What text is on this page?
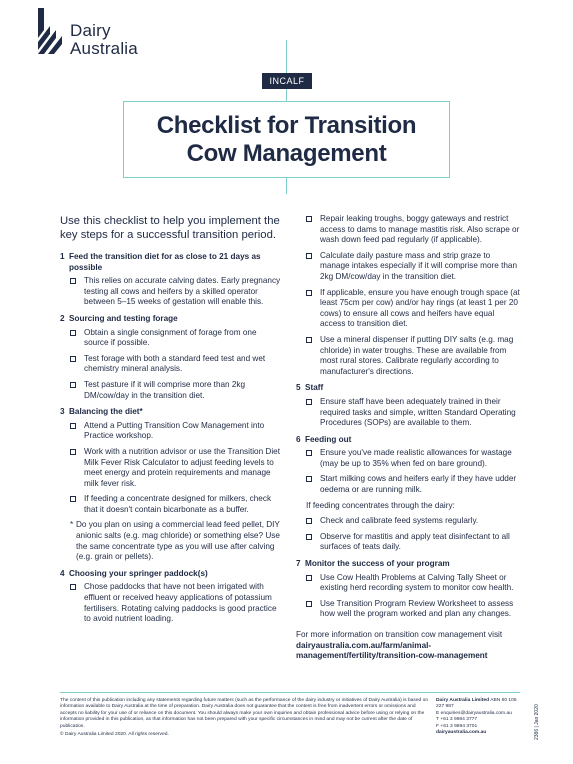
Dairy
Australia
INCALF
Checklist for Transition
Cow Management
Use this checklist to help you implement the key steps for a successful transition period.
1 Feed the transition diet for as close to 21 days as possible
This relies on accurate calving dates. Early pregnancy testing all cows and heifers by a skilled operator between 5–15 weeks of gestation will enable this.
2 Sourcing and testing forage
Obtain a single consignment of forage from one source if possible.
Test forage with both a standard feed test and wet chemistry mineral analysis.
Test pasture if it will comprise more than 2kg DM/cow/day in the transition diet.
3 Balancing the diet*
Attend a Putting Transition Cow Management into Practice workshop.
Work with a nutrition advisor or use the Transition Diet Milk Fever Risk Calculator to adjust feeding levels to meet energy and protein requirements and manage milk fever risk.
If feeding a concentrate designed for milkers, check that it doesn't contain bicarbonate as a buffer.
* Do you plan on using a commercial lead feed pellet, DIY anionic salts (e.g. mag chloride) or something else? Use the same concentrate type as you will use after calving (e.g. grain or pellets).
4 Choosing your springer paddock(s)
Chose paddocks that have not been irrigated with effluent or received heavy applications of potassium fertilisers. Rotating calving paddocks is good practice to avoid nutrient loading.
Repair leaking troughs, boggy gateways and restrict access to dams to manage mastitis risk. Also scrape or wash down feed pad regularly (if applicable).
Calculate daily pasture mass and strip graze to manage intakes especially if it will comprise more than 2kg DM/cow/day in the transition diet.
If applicable, ensure you have enough trough space (at least 75cm per cow) and/or hay rings (at least 1 per 20 cows) to ensure all cows and heifers have equal access to transition diet.
Use a mineral dispenser if putting DIY salts (e.g. mag chloride) in water troughs. These are available from most rural stores. Calibrate regularly according to manufacturer's directions.
5 Staff
Ensure staff have been adequately trained in their required tasks and simple, written Standard Operating Procedures (SOPs) are available to them.
6 Feeding out
Ensure you've made realistic allowances for wastage (may be up to 35% when fed on bare ground).
Start milking cows and heifers early if they have udder oedema or are running milk.
If feeding concentrates through the dairy:
Check and calibrate feed systems regularly.
Observe for mastitis and apply teat disinfectant to all surfaces of teats daily.
7 Monitor the success of your program
Use Cow Health Problems at Calving Tally Sheet or existing herd recording system to monitor cow health.
Use Transition Program Review Worksheet to assess how well the program worked and plan any changes.
For more information on transition cow management visit
dairyaustralia.com.au/farm/animal-management/fertility/transition-cow-management
The content of this publication including any statements regarding future matters (such as the performance of the dairy industry or initiatives of Dairy Australia) is based on information available to Dairy Australia at the time of preparation. Dairy Australia does not guarantee that the content is free from inadvertent errors or omissions and accepts no liability for your use of or reliance on this document. You should always make your own inquiries and obtain professional advice before using or relying on the information provided in this publication, as that information has not been prepared with your specific circumstances in mind and may not be current after the date of publication.
© Dairy Australia Limited 2020. All rights reserved.
Dairy Australia Limited ABN 60 105 227 987
E enquiries@dairyaustralia.com.au
T +61 3 9694 3777
F +61 3 9694 3701
dairyaustralia.com.au	2386 | Jan 2020
